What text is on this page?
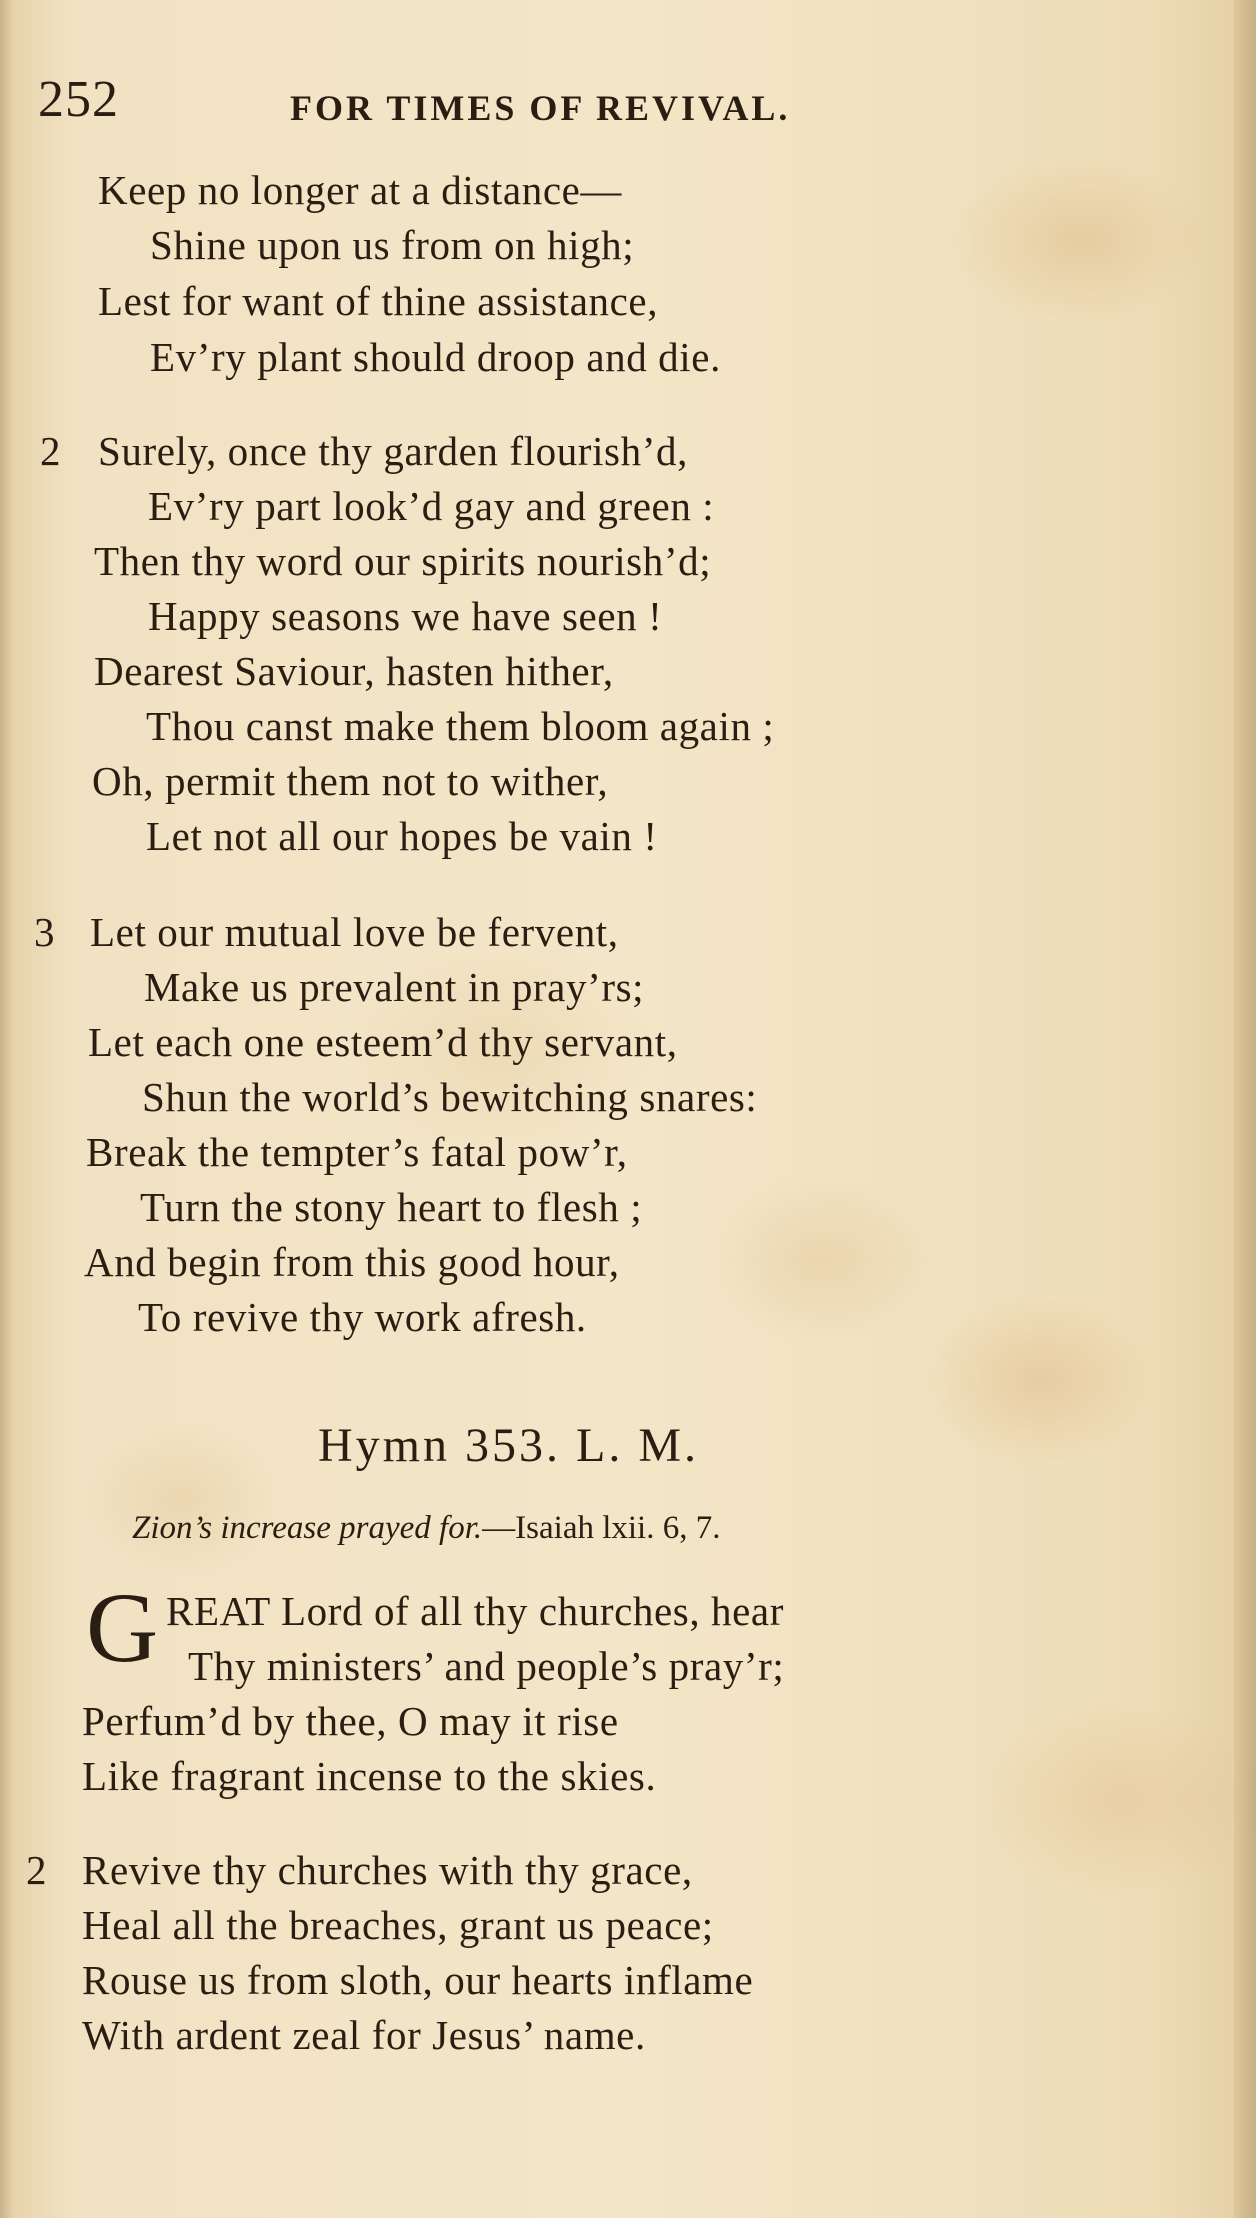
252	FOR TIMES OF REVIVAL.
Keep no longer at a distance—
Shine upon us from on high;
Lest for want of thine assistance,
Ev’ry plant should droop and die.
2 Surely, once thy garden flourish’d,
Ev’ry part look’d gay and green :
Then thy word our spirits nourish’d;
Happy seasons we have seen !
Dearest Saviour, hasten hither,
Thou canst make them bloom again ;
Oh, permit them not to wither,
Let not all our hopes be vain !
3 Let our mutual love be fervent,
Make us prevalent in pray’rs;
Let each one esteem’d thy servant,
Shun the world’s bewitching snares:
Break the tempter’s fatal pow’r,
Turn the stony heart to flesh ;
And begin from this good hour,
To revive thy work afresh.
Hymn 353. L. M.
Zion’s increase prayed for.—Isaiah lxii. 6, 7.
G REAT Lord of all thy churches, hear
Thy ministers’ and people’s pray’r;
Perfum’d by thee, O may it rise
Like fragrant incense to the skies.
2 Revive thy churches with thy grace,
Heal all the breaches, grant us peace;
Rouse us from sloth, our hearts inflame
With ardent zeal for Jesus’ name.
